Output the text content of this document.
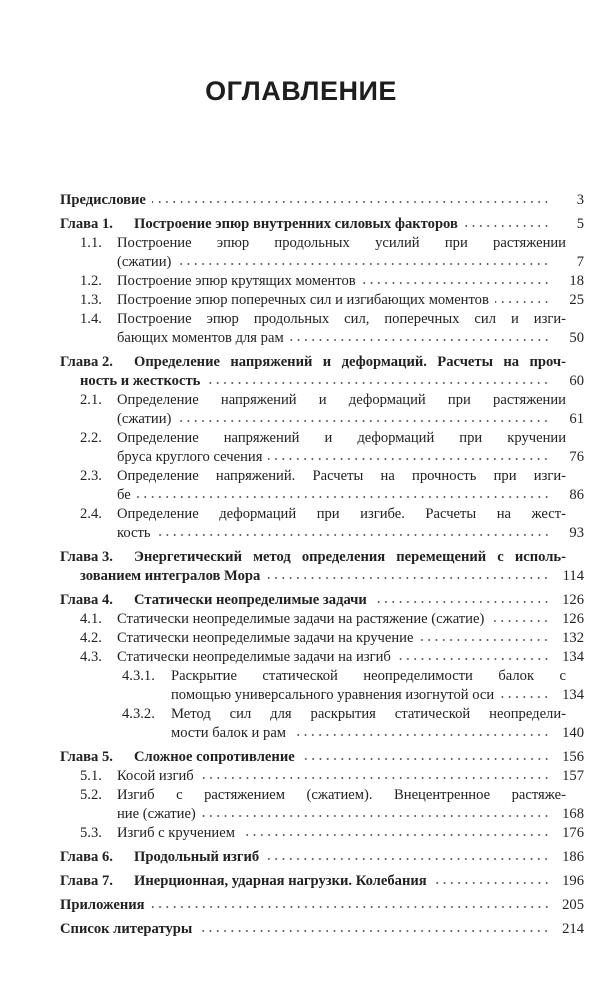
ОГЛАВЛЕНИЕ
Предисловие	3
Глава 1. Построение эпюр внутренних силовых факторов	5
1.1. Построение эпюр продольных усилий при растяжении
(сжатии)	7
1.2. Построение эпюр крутящих моментов	18
1.3. Построение эпюр поперечных сил и изгибающих моментов	25
1.4. Построение эпюр продольных сил, поперечных сил и изги-
бающих моментов для рам	50
Глава 2. Определение напряжений и деформаций. Расчеты на проч-
ность и жесткость	60
2.1. Определение напряжений и деформаций при растяжении
(сжатии)	61
2.2. Определение напряжений и деформаций при кручении
бруса круглого сечения	76
2.3. Определение напряжений. Расчеты на прочность при изги-
бе	86
2.4. Определение деформаций при изгибе. Расчеты на жест-
кость	93
Глава 3. Энергетический метод определения перемещений с исполь-
зованием интегралов Мора	114
Глава 4. Статически неопределимые задачи	126
4.1. Статически неопределимые задачи на растяжение (сжатие)	126
4.2. Статически неопределимые задачи на кручение	132
4.3. Статически неопределимые задачи на изгиб	134
4.3.1. Раскрытие статической неопределимости балок с
помощью универсального уравнения изогнутой оси	134
4.3.2. Метод сил для раскрытия статической неопредели-
мости балок и рам	140
Глава 5. Сложное сопротивление	156
5.1. Косой изгиб	157
5.2. Изгиб с растяжением (сжатием). Внецентренное растяже-
ние (сжатие)	168
5.3. Изгиб с кручением	176
Глава 6. Продольный изгиб	186
Глава 7. Инерционная, ударная нагрузки. Колебания	196
Приложения	205
Список литературы	214
